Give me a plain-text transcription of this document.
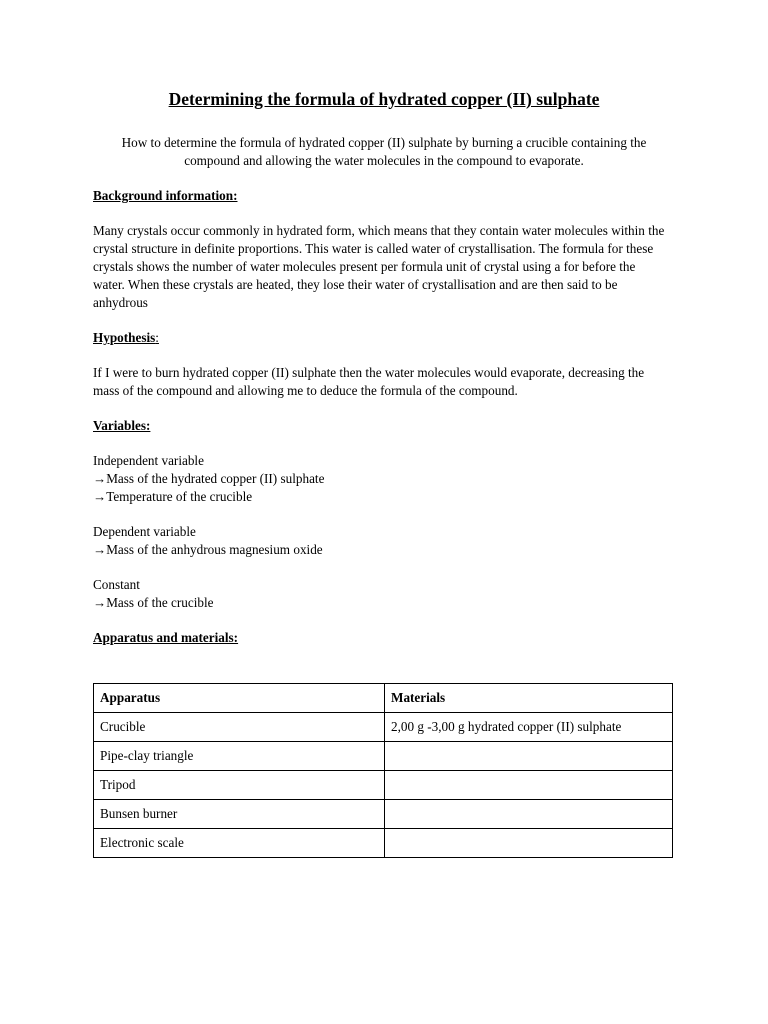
Determining the formula of hydrated copper (II) sulphate

How to determine the formula of hydrated copper (II) sulphate by burning a crucible containing the compound and allowing the water molecules in the compound to evaporate.

Background information:

Many crystals occur commonly in hydrated form, which means that they contain water molecules within the crystal structure in definite proportions. This water is called water of crystallisation. The formula for these crystals shows the number of water molecules present per formula unit of crystal using a for before the water. When these crystals are heated, they lose their water of crystallisation and are then said to be anhydrous

Hypothesis:

If I were to burn hydrated copper (II) sulphate then the water molecules would evaporate, decreasing the mass of the compound and allowing me to deduce the formula of the compound.

Variables:

Independent variable

→Mass of the hydrated copper (II) sulphate

→Temperature of the crucible

Dependent variable

→Mass of the anhydrous magnesium oxide

Constant

→Mass of the crucible

Apparatus and materials:

Apparatus	Materials
Crucible	2,00 g -3,00 g hydrated copper (II) sulphate
Pipe-clay triangle	
Tripod	
Bunsen burner	
Electronic scale	
